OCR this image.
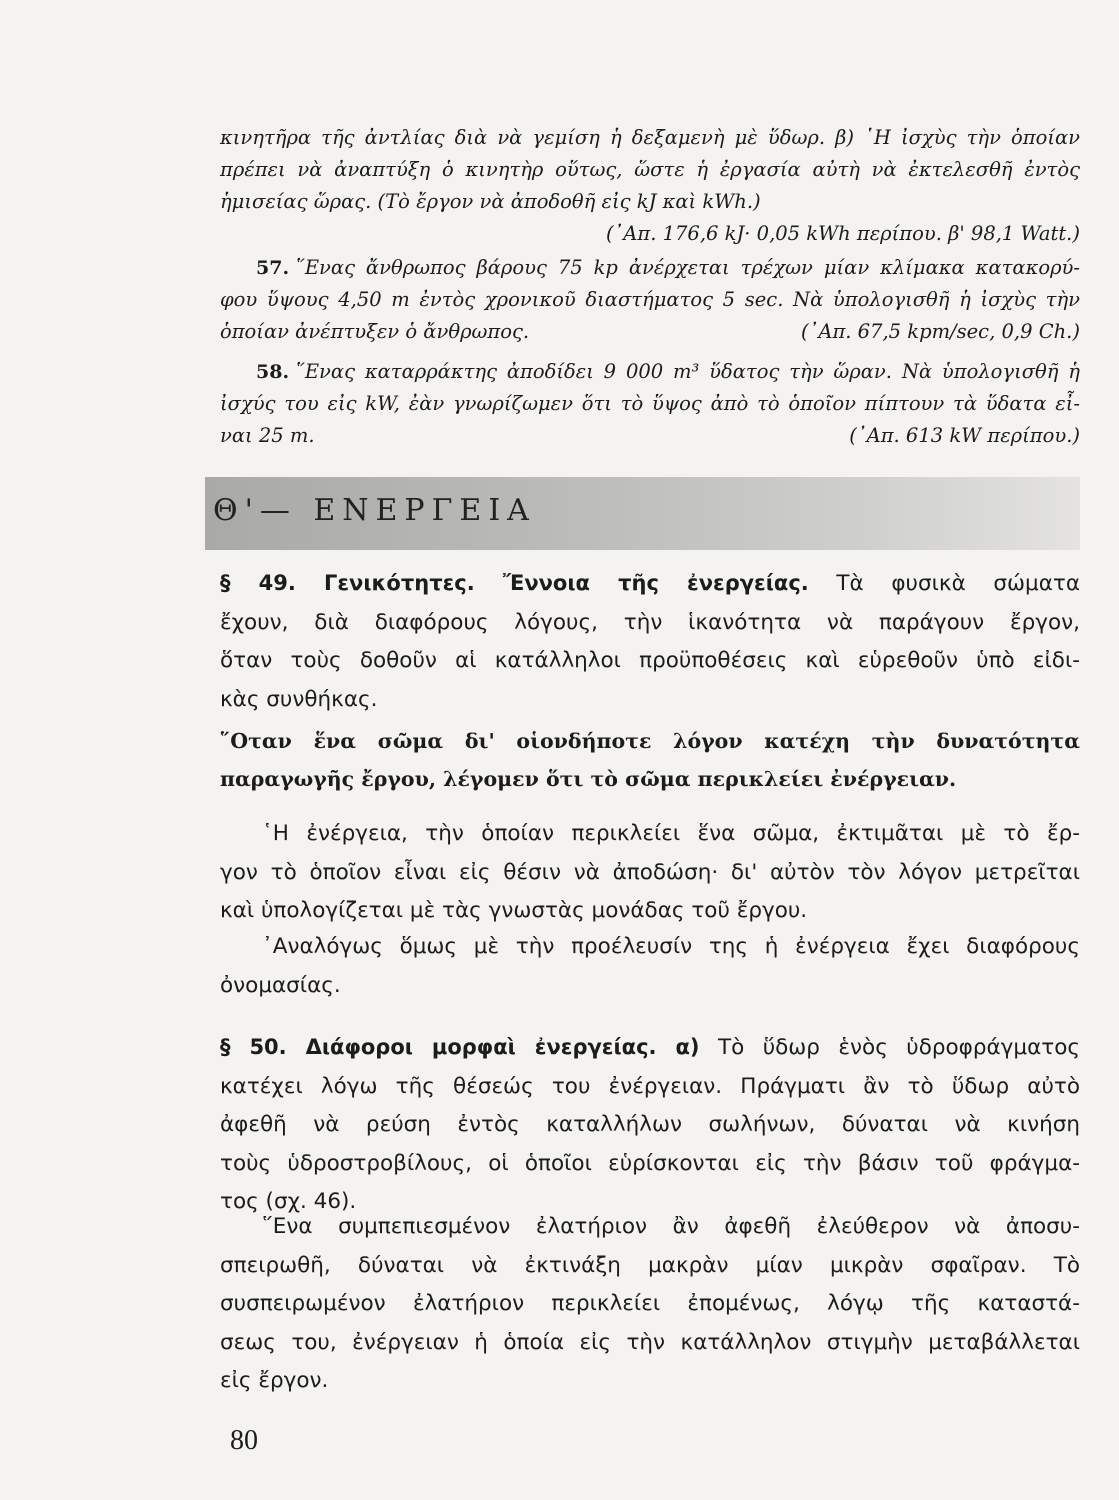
κινητῆρα τῆς ἀντλίας διὰ νὰ γεμίση ἡ δεξαμενὴ μὲ ὕδωρ. β) ῾Η ἰσχὺς τὴν ὁποίαν
πρέπει νὰ ἀναπτύξη ὁ κινητὴρ οὕτως, ὥστε ἡ ἐργασία αὐτὴ νὰ ἐκτελεσθῆ ἐντὸς
ἡμισείας ὥρας. (Τὸ ἔργον νὰ ἀποδοθῆ εἰς kJ καὶ kWh.)
(᾿Απ. 176,6 kJ· 0,05 kWh περίπου. β' 98,1 Watt.)
57. ῞Ενας ἄνθρωπος βάρους 75 kp ἀνέρχεται τρέχων μίαν κλίμακα κατακορύ-
φου ὕψους 4,50 m ἐντὸς χρονικοῦ διαστήματος 5 sec. Νὰ ὑπολογισθῆ ἡ ἰσχὺς τὴν
ὁποίαν ἀνέπτυξεν ὁ ἄνθρωπος.	(᾿Απ. 67,5 kpm/sec, 0,9 Ch.)
58. ῞Ενας καταρράκτης ἀποδίδει 9 000 m³ ὕδατος τὴν ὥραν. Νὰ ὑπολογισθῆ ἡ
ἰσχύς του εἰς kW, ἐὰν γνωρίζωμεν ὅτι τὸ ὕψος ἀπὸ τὸ ὁποῖον πίπτουν τὰ ὕδατα εἶ-
ναι 25 m.	(᾿Απ. 613 kW περίπου.)
Θ'— ΕΝΕΡΓΕΙΑ
§ 49. Γενικότητες. Ἔννοια τῆς ἐνεργείας. Τὰ φυσικὰ σώματα
ἔχουν, διὰ διαφόρους λόγους, τὴν ἱκανότητα νὰ παράγουν ἔργον,
ὅταν τοὺς δοθοῦν αἱ κατάλληλοι προϋποθέσεις καὶ εὑρεθοῦν ὑπὸ εἰδι-
κὰς συνθήκας.
῞Οταν ἕνα σῶμα δι' οἱονδήποτε λόγον κατέχη τὴν δυνατότητα
παραγωγῆς ἔργου, λέγομεν ὅτι τὸ σῶμα περικλείει ἐνέργειαν.
῾Η ἐνέργεια, τὴν ὁποίαν περικλείει ἕνα σῶμα, ἐκτιμᾶται μὲ τὸ ἔρ-
γον τὸ ὁποῖον εἶναι εἰς θέσιν νὰ ἀποδώση· δι' αὐτὸν τὸν λόγον μετρεῖται
καὶ ὑπολογίζεται μὲ τὰς γνωστὰς μονάδας τοῦ ἔργου.
᾿Αναλόγως ὅμως μὲ τὴν προέλευσίν της ἡ ἐνέργεια ἔχει διαφόρους
ὀνομασίας.
§ 50. Διάφοροι μορφαὶ ἐνεργείας. α) Τὸ ὕδωρ ἑνὸς ὑδροφράγματος
κατέχει λόγω τῆς θέσεώς του ἐνέργειαν. Πράγματι ἂν τὸ ὕδωρ αὐτὸ
ἀφεθῆ νὰ ρεύση ἐντὸς καταλλήλων σωλήνων, δύναται νὰ κινήση
τοὺς ὑδροστροβίλους, οἱ ὁποῖοι εὑρίσκονται εἰς τὴν βάσιν τοῦ φράγμα-
τος (σχ. 46).
῞Ενα συμπεπιεσμένον ἐλατήριον ἂν ἀφεθῆ ἐλεύθερον νὰ ἀποσυ-
σπειρωθῆ, δύναται νὰ ἐκτινάξη μακρὰν μίαν μικρὰν σφαῖραν. Τὸ
συσπειρωμένον ἐλατήριον περικλείει ἐπομένως, λόγῳ τῆς καταστά-
σεως του, ἐνέργειαν ἡ ὁποία εἰς τὴν κατάλληλον στιγμὴν μεταβάλλεται
εἰς ἔργον.
80
